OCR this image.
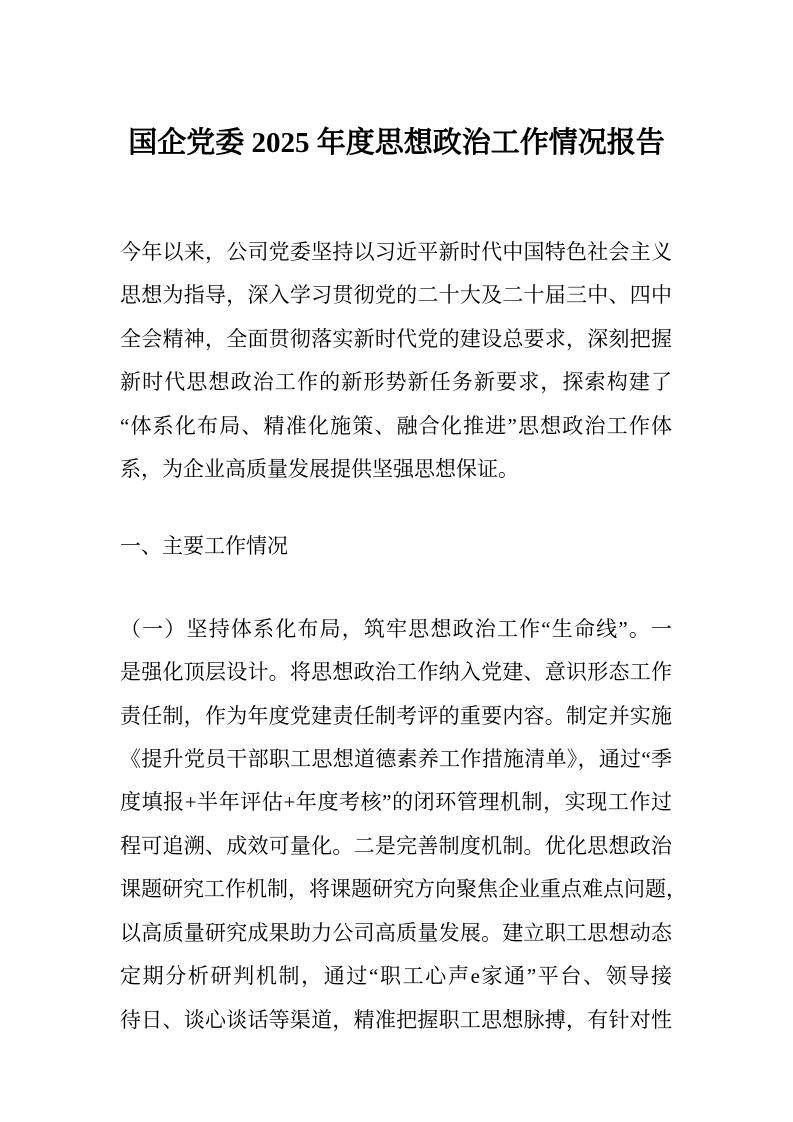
国企党委 2025 年度思想政治工作情况报告
今年以来，公司党委坚持以习近平新时代中国特色社会主义
思想为指导，深入学习贯彻党的二十大及二十届三中、四中
全会精神，全面贯彻落实新时代党的建设总要求，深刻把握
新时代思想政治工作的新形势新任务新要求，探索构建了
“体系化布局、精准化施策、融合化推进”思想政治工作体
系，为企业高质量发展提供坚强思想保证。
一、主要工作情况
（一）坚持体系化布局，筑牢思想政治工作“生命线”。一
是强化顶层设计。将思想政治工作纳入党建、意识形态工作
责任制，作为年度党建责任制考评的重要内容。制定并实施
《提升党员干部职工思想道德素养工作措施清单》，通过“季
度填报+半年评估+年度考核”的闭环管理机制，实现工作过
程可追溯、成效可量化。二是完善制度机制。优化思想政治
课题研究工作机制，将课题研究方向聚焦企业重点难点问题，
以高质量研究成果助力公司高质量发展。建立职工思想动态
定期分析研判机制，通过“职工心声e家通”平台、领导接
待日、谈心谈话等渠道，精准把握职工思想脉搏，有针对性
